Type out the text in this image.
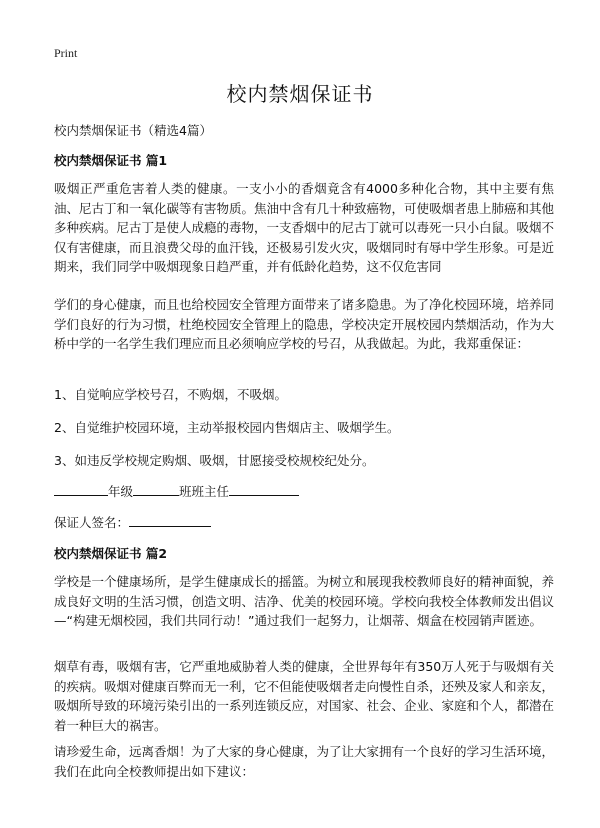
Print
校内禁烟保证书
校内禁烟保证书（精选4篇）
校内禁烟保证书 篇1
吸烟正严重危害着人类的健康。一支小小的香烟竟含有4000多种化合物，其中主要有焦油、尼古丁和一氧化碳等有害物质。焦油中含有几十种致癌物，可使吸烟者患上肺癌和其他多种疾病。尼古丁是使人成瘾的毒物，一支香烟中的尼古丁就可以毒死一只小白鼠。吸烟不仅有害健康，而且浪费父母的血汗钱，还极易引发火灾，吸烟同时有辱中学生形象。可是近期来，我们同学中吸烟现象日趋严重，并有低龄化趋势，这不仅危害同
学们的身心健康，而且也给校园安全管理方面带来了诸多隐患。为了净化校园环境，培养同学们良好的行为习惯，杜绝校园安全管理上的隐患，学校决定开展校园内禁烟活动，作为大桥中学的一名学生我们理应而且必须响应学校的号召，从我做起。为此，我郑重保证：
1、自觉响应学校号召，不购烟，不吸烟。
2、自觉维护校园环境，主动举报校园内售烟店主、吸烟学生。
3、如违反学校规定购烟、吸烟，甘愿接受校规校纪处分。
年级	班班主任
保证人签名：
校内禁烟保证书 篇2
学校是一个健康场所，是学生健康成长的摇篮。为树立和展现我校教师良好的精神面貌，养成良好文明的生活习惯，创造文明、洁净、优美的校园环境。学校向我校全体教师发出倡议—“构建无烟校园，我们共同行动！”通过我们一起努力，让烟蒂、烟盒在校园销声匿迹。
烟草有毒，吸烟有害，它严重地威胁着人类的健康，全世界每年有350万人死于与吸烟有关的疾病。吸烟对健康百弊而无一利，它不但能使吸烟者走向慢性自杀，还殃及家人和亲友，吸烟所导致的环境污染引出的一系列连锁反应，对国家、社会、企业、家庭和个人，都潜在着一种巨大的祸害。
请珍爱生命，远离香烟！为了大家的身心健康，为了让大家拥有一个良好的学习生活环境，我们在此向全校教师提出如下建议：
